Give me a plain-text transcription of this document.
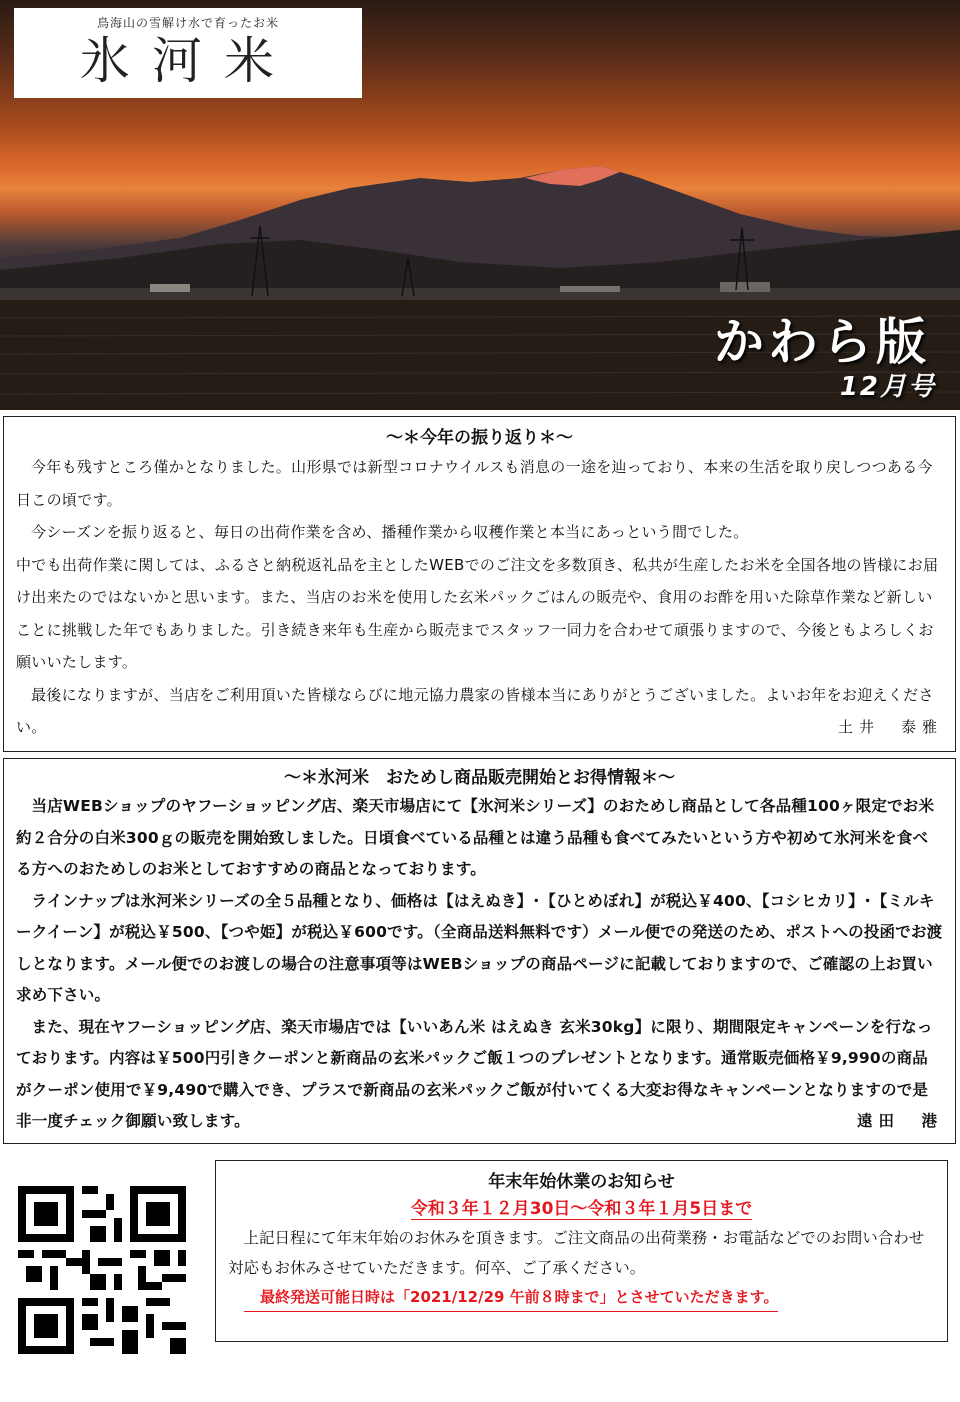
鳥海山の雪解け水で育ったお米
氷河米
かわら版
12月号
～＊今年の振り返り＊～

今年も残すところ僅かとなりました。山形県では新型コロナウイルスも消息の一途を辿っており、本来の生活を取り戻しつつある今日この頃です。

今シーズンを振り返ると、毎日の出荷作業を含め、播種作業から収穫作業と本当にあっという間でした。

中でも出荷作業に関しては、ふるさと納税返礼品を主としたWEBでのご注文を多数頂き、私共が生産したお米を全国各地の皆様にお届け出来たのではないかと思います。また、当店のお米を使用した玄米パックごはんの販売や、食用のお酢を用いた除草作業など新しいことに挑戦した年でもありました。引き続き来年も生産から販売までスタッフ一同力を合わせて頑張りますので、今後ともよろしくお願いいたします。

最後になりますが、当店をご利用頂いた皆様ならびに地元協力農家の皆様本当にありがとうございました。よいお年をお迎えください。	土井　泰雅

～＊氷河米　おためし商品販売開始とお得情報＊～

当店WEBショップのヤフーショッピング店、楽天市場店にて【氷河米シリーズ】のおためし商品として各品種100ヶ限定でお米約２合分の白米300ｇの販売を開始致しました。日頃食べている品種とは違う品種も食べてみたいという方や初めて氷河米を食べる方へのおためしのお米としておすすめの商品となっております。

ラインナップは氷河米シリーズの全５品種となり、価格は【はえぬき】･【ひとめぼれ】が税込￥400、【コシヒカリ】･【ミルキークイーン】が税込￥500、【つや姫】が税込￥600です。（全商品送料無料です）メール便での発送のため、ポストへの投函でお渡しとなります。メール便でのお渡しの場合の注意事項等はWEBショップの商品ページに記載しておりますので、ご確認の上お買い求め下さい。

また、現在ヤフーショッピング店、楽天市場店では【いいあん米 はえぬき 玄米30kg】に限り、期間限定キャンペーンを行なっております。内容は￥500円引きクーポンと新商品の玄米パックご飯１つのプレゼントとなります。通常販売価格￥9,990の商品がクーポン使用で￥9,490で購入でき、プラスで新商品の玄米パックご飯が付いてくる大変お得なキャンペーンとなりますので是非一度チェック御願い致します。	遠田　港

年末年始休業のお知らせ
令和３年１２月30日～令和３年１月5日まで

上記日程にて年末年始のお休みを頂きます。ご注文商品の出荷業務・お電話などでのお問い合わせ対応もお休みさせていただきます。何卒、ご了承ください。

最終発送可能日時は「2021/12/29 午前８時まで」とさせていただきます。
